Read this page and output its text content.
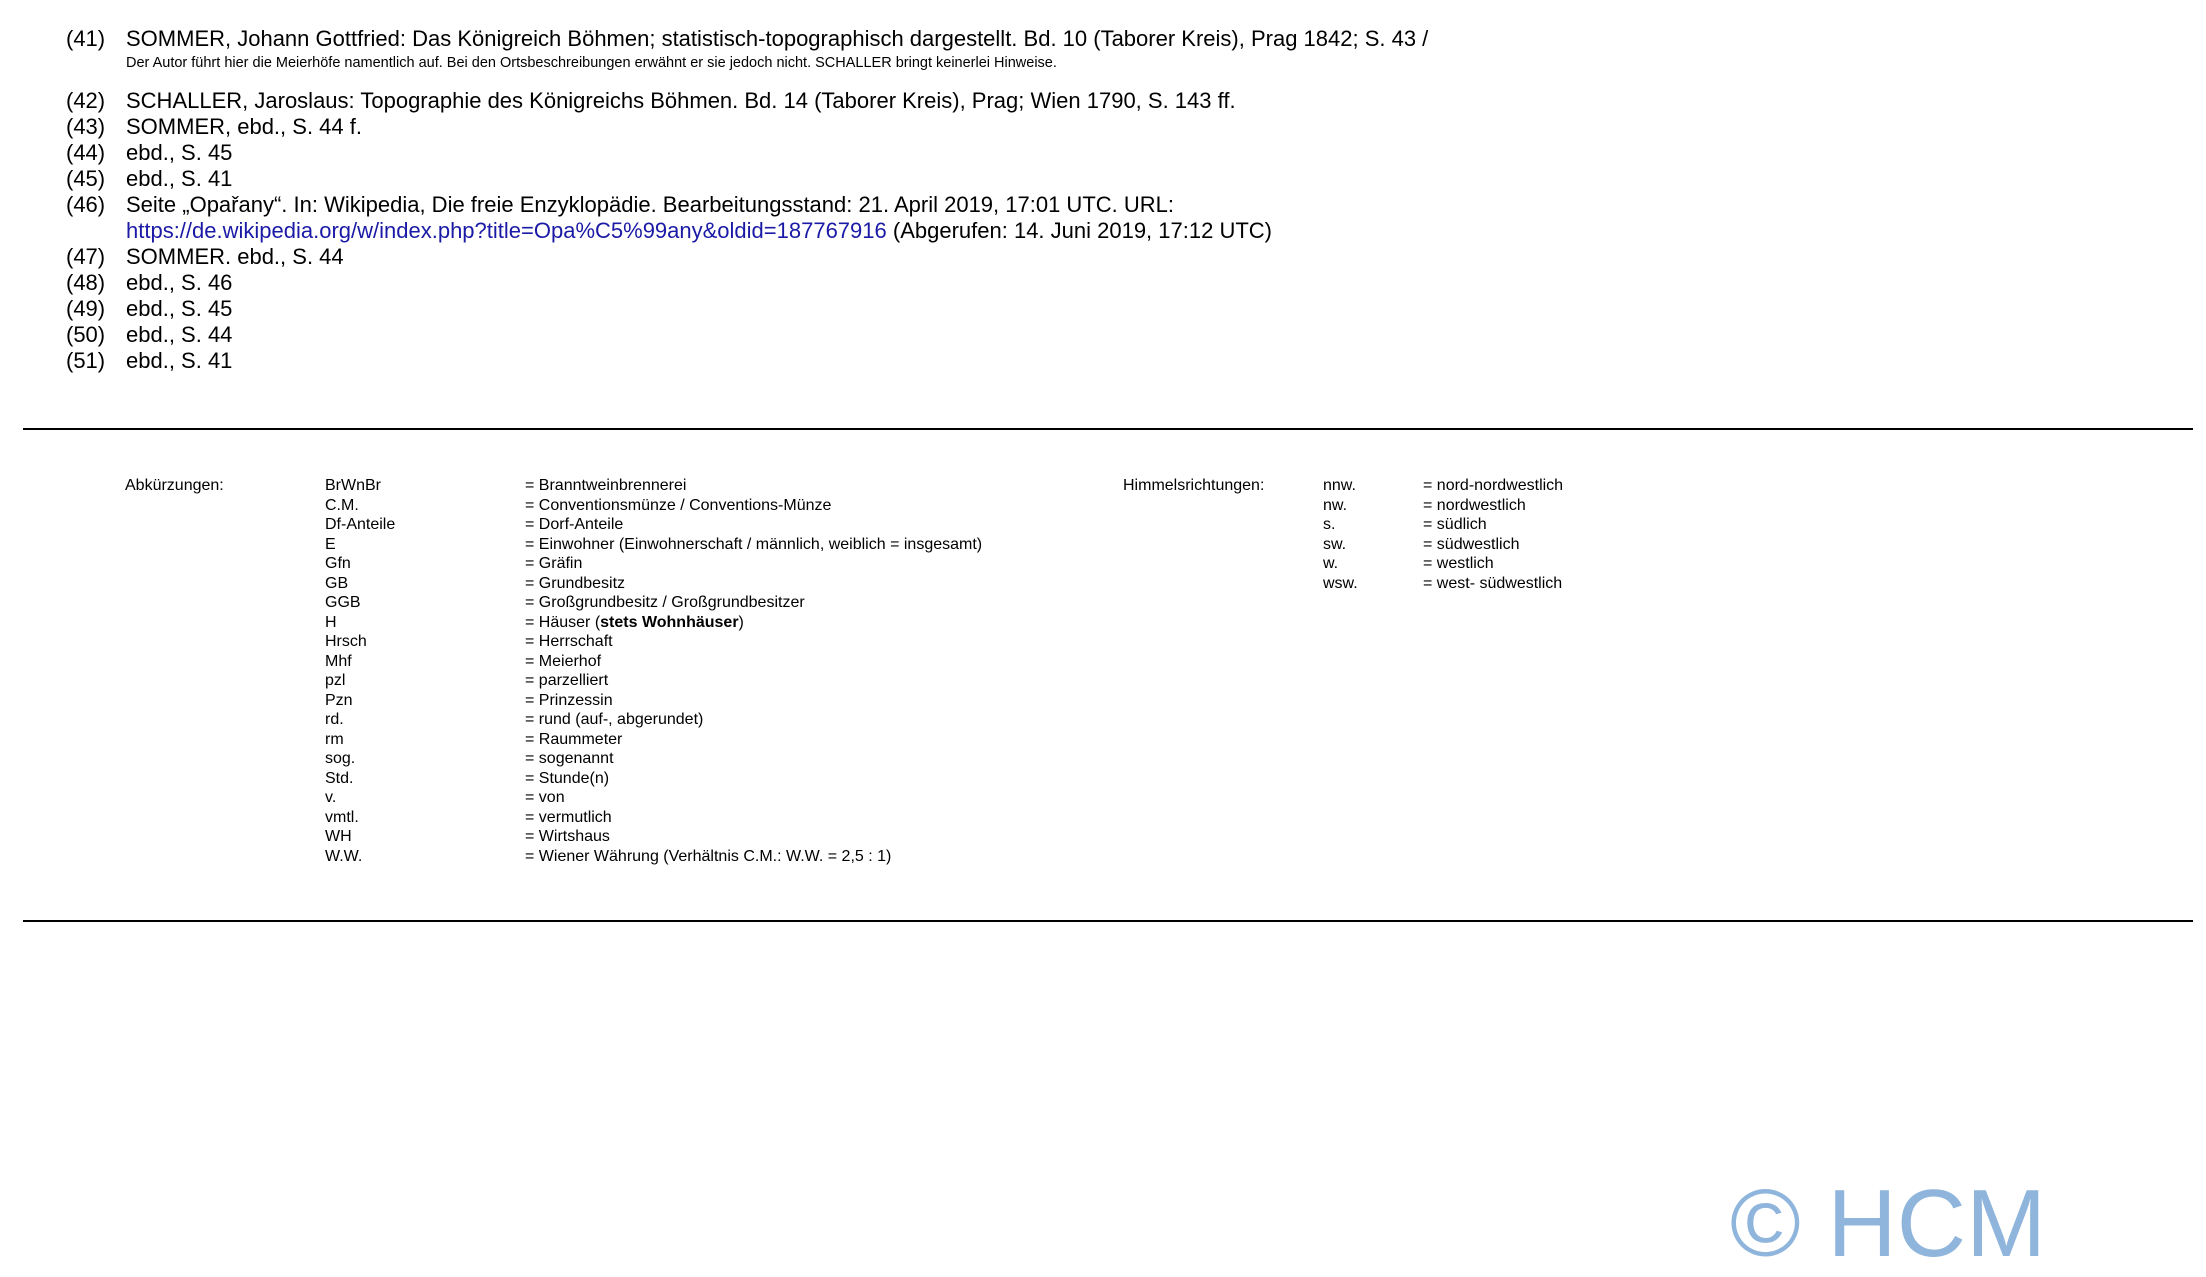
(41) SOMMER, Johann Gottfried: Das Königreich Böhmen; statistisch-topographisch dargestellt. Bd. 10 (Taborer Kreis), Prag 1842; S. 43 /
Der Autor führt hier die Meierhöfe namentlich auf. Bei den Ortsbeschreibungen erwähnt er sie jedoch nicht. SCHALLER bringt keinerlei Hinweise.
(42) SCHALLER, Jaroslaus: Topographie des Königreichs Böhmen. Bd. 14 (Taborer Kreis), Prag; Wien 1790, S. 143 ff.
(43) SOMMER, ebd., S. 44 f.
(44) ebd., S. 45
(45) ebd., S. 41
(46) Seite „Opařany“. In: Wikipedia, Die freie Enzyklopädie. Bearbeitungsstand: 21. April 2019, 17:01 UTC. URL:
https://de.wikipedia.org/w/index.php?title=Opa%C5%99any&oldid=187767916 (Abgerufen: 14. Juni 2019, 17:12 UTC)
(47) SOMMER. ebd., S. 44
(48) ebd., S. 46
(49) ebd., S. 45
(50) ebd., S. 44
(51) ebd., S. 41
Abkürzungen:	BrWnBr	= Branntweinbrennerei
C.M.	= Conventionsmünze / Conventions-Münze
Df-Anteile	= Dorf-Anteile
E	= Einwohner (Einwohnerschaft / männlich, weiblich = insgesamt)
Gfn	= Gräfin
GB	= Grundbesitz
GGB	= Großgrundbesitz / Großgrundbesitzer
H	= Häuser (stets Wohnhäuser)
Hrsch	= Herrschaft
Mhf	= Meierhof
pzl	= parzelliert
Pzn	= Prinzessin
rd.	= rund (auf-, abgerundet)
rm	= Raummeter
sog.	= sogenannt
Std.	= Stunde(n)
v.	= von
vmtl.	= vermutlich
WH	= Wirtshaus
W.W.	= Wiener Währung (Verhältnis C.M.: W.W. = 2,5 : 1)
Himmelsrichtungen:	nnw.	= nord-nordwestlich
nw.	= nordwestlich
s.	= südlich
sw.	= südwestlich
w.	= westlich
wsw.	= west- südwestlich
© HCM
